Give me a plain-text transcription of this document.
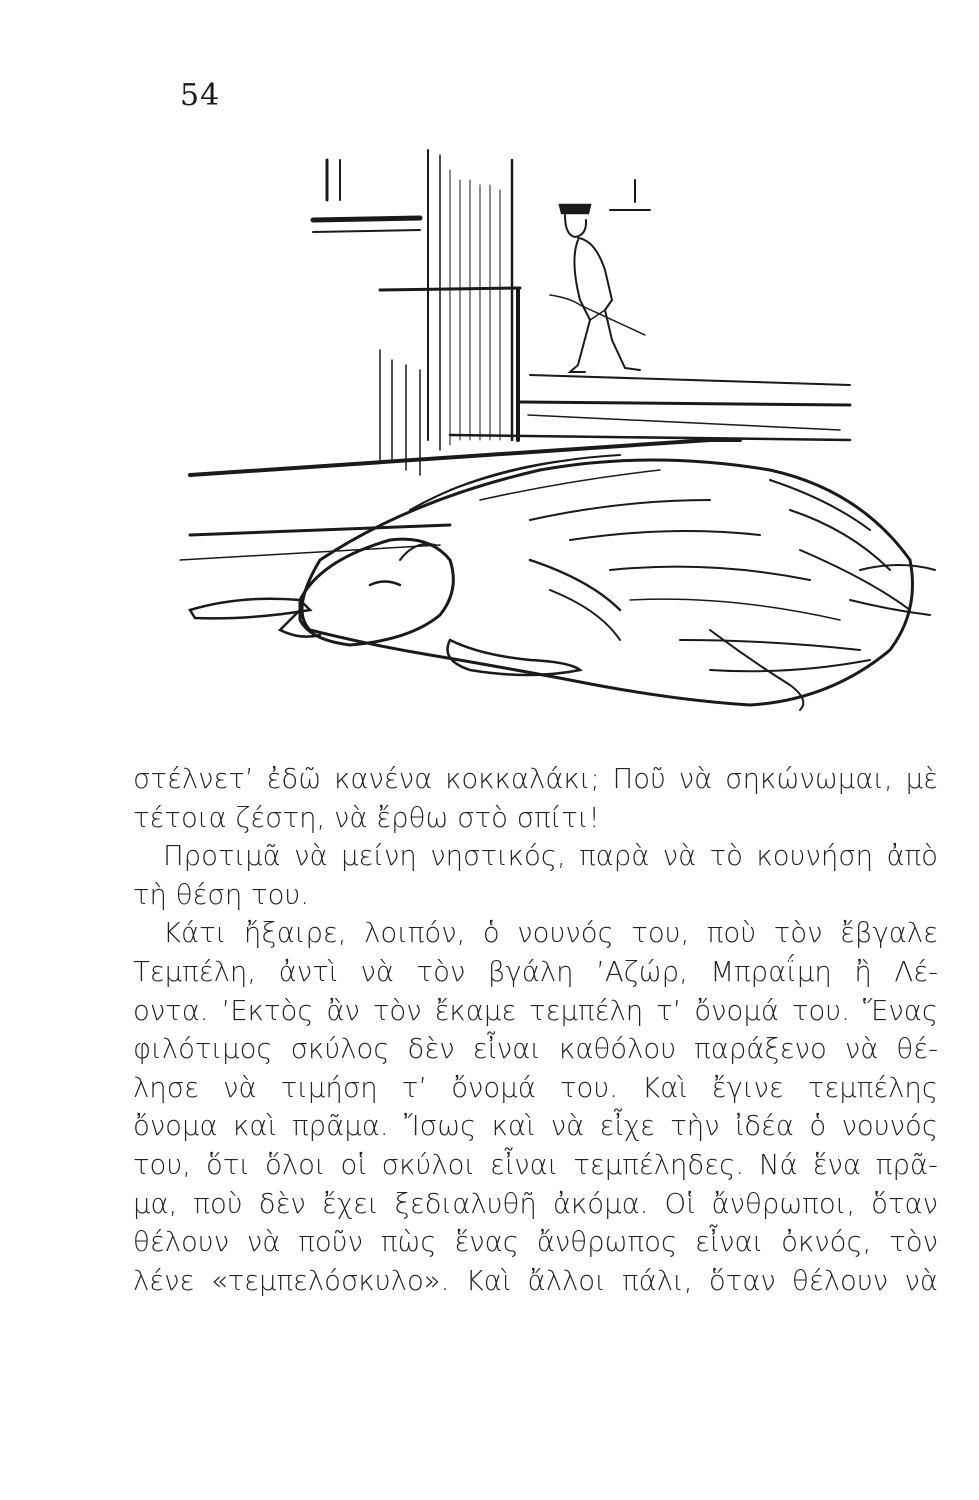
54
στέλνετ’ ἐδῶ κανένα κοκκαλάκι; Ποῦ νὰ σηκώνωμαι, μὲ
τέτοια ζέστη, νὰ ἔρθω στὸ σπίτι!
Προτιμᾶ νὰ μείνη νηστικός, παρὰ νὰ τὸ κουνήση ἀπὸ
τὴ θέση του.
Κάτι ἤξαιρε, λοιπόν, ὁ νουνός του, ποὺ τὸν ἔβγαλε
Τεμπέλη, ἀντὶ νὰ τὸν βγάλη ’Αζώρ, Μπραΐμη ἢ Λέ-
οντα. ’Εκτὸς ἂν τὸν ἔκαμε τεμπέλη τ’ ὄνομά του. Ἕνας
φιλότιμος σκύλος δὲν εἶναι καθόλου παράξενο νὰ θέ-
λησε νὰ τιμήση τ’ ὄνομά του. Καὶ ἔγινε τεμπέλης
ὄνομα καὶ πρᾶμα. Ἴσως καὶ νὰ εἶχε τὴν ἰδέα ὁ νουνός
του, ὅτι ὅλοι οἱ σκύλοι εἶναι τεμπέληδες. Νά ἕνα πρᾶ-
μα, ποὺ δὲν ἔχει ξεδιαλυθῆ ἀκόμα. Οἱ ἄνθρωποι, ὅταν
θέλουν νὰ ποῦν πὼς ἕνας ἄνθρωπος εἶναι ὀκνός, τὸν
λένε «τεμπελόσκυλο». Καὶ ἄλλοι πάλι, ὅταν θέλουν νὰ
